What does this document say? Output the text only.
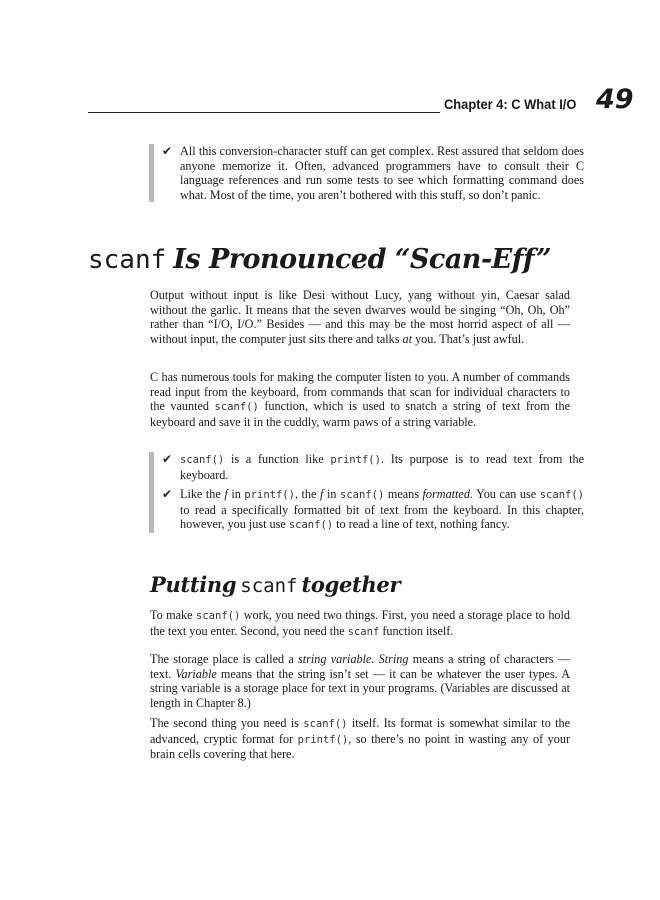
Chapter 4: C What I/O 49
✔ All this conversion-character stuff can get complex. Rest assured that seldom does anyone memorize it. Often, advanced programmers have to consult their C language references and run some tests to see which formatting command does what. Most of the time, you aren’t bothered with this stuff, so don’t panic.
scanf Is Pronounced “Scan-Eff”
Output without input is like Desi without Lucy, yang without yin, Caesar salad without the garlic. It means that the seven dwarves would be singing “Oh, Oh, Oh” rather than “I/O, I/O.” Besides — and this may be the most horrid aspect of all — without input, the computer just sits there and talks at you. That’s just awful.
C has numerous tools for making the computer listen to you. A number of commands read input from the keyboard, from commands that scan for individual characters to the vaunted scanf() function, which is used to snatch a string of text from the keyboard and save it in the cuddly, warm paws of a string variable.
✔ scanf() is a function like printf(). Its purpose is to read text from the keyboard.
✔ Like the f in printf(), the f in scanf() means formatted. You can use scanf() to read a specifically formatted bit of text from the keyboard. In this chapter, however, you just use scanf() to read a line of text, nothing fancy.
Putting scanf together
To make scanf() work, you need two things. First, you need a storage place to hold the text you enter. Second, you need the scanf function itself.
The storage place is called a string variable. String means a string of characters — text. Variable means that the string isn’t set — it can be whatever the user types. A string variable is a storage place for text in your programs. (Variables are discussed at length in Chapter 8.)
The second thing you need is scanf() itself. Its format is somewhat similar to the advanced, cryptic format for printf(), so there’s no point in wasting any of your brain cells covering that here.
